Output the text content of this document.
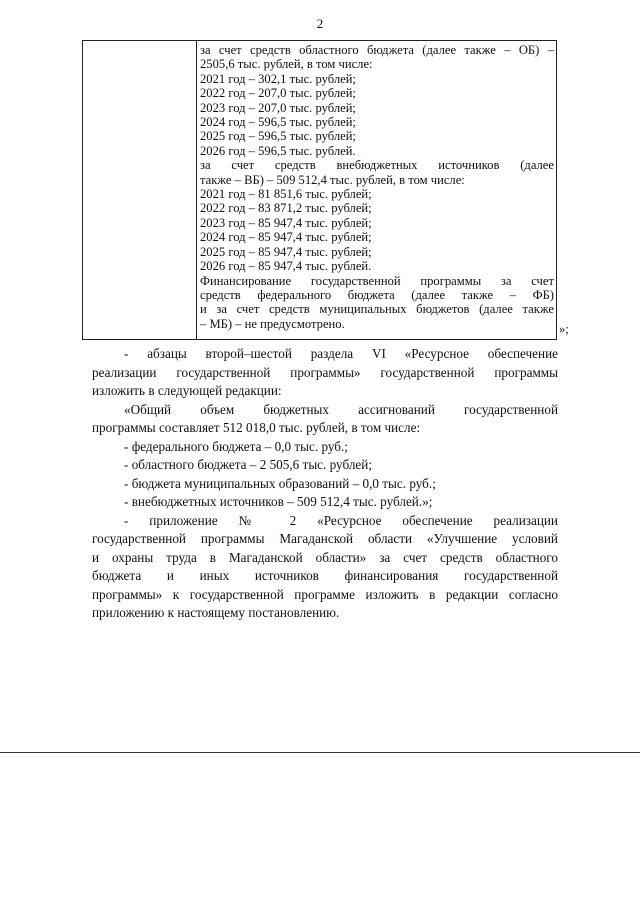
2
за счет средств областного бюджета (далее также – ОБ) –
2505,6 тыс. рублей, в том числе:
2021 год – 302,1 тыс. рублей;
2022 год – 207,0 тыс. рублей;
2023 год – 207,0 тыс. рублей;
2024 год – 596,5 тыс. рублей;
2025 год – 596,5 тыс. рублей;
2026 год – 596,5 тыс. рублей.
за счет средств внебюджетных источников (далее
также – ВБ) – 509 512,4 тыс. рублей, в том числе:
2021 год – 81 851,6 тыс. рублей;
2022 год – 83 871,2 тыс. рублей;
2023 год – 85 947,4 тыс. рублей;
2024 год – 85 947,4 тыс. рублей;
2025 год – 85 947,4 тыс. рублей;
2026 год – 85 947,4 тыс. рублей.
Финансирование государственной программы за счет
средств федерального бюджета (далее также – ФБ)
и за счет средств муниципальных бюджетов (далее также
– МБ) – не предусмотрено.	»;
- абзацы второй–шестой раздела VI «Ресурсное обеспечение
реализации государственной программы» государственной программы
изложить в следующей редакции:
«Общий объем бюджетных ассигнований государственной
программы составляет 512 018,0 тыс. рублей, в том числе:
- федерального бюджета – 0,0 тыс. руб.;
- областного бюджета – 2 505,6 тыс. рублей;
- бюджета муниципальных образований – 0,0 тыс. руб.;
- внебюджетных источников – 509 512,4 тыс. рублей.»;
- приложение № 2 «Ресурсное обеспечение реализации
государственной программы Магаданской области «Улучшение условий
и охраны труда в Магаданской области» за счет средств областного
бюджета и иных источников финансирования государственной
программы» к государственной программе изложить в редакции согласно
приложению к настоящему постановлению.
